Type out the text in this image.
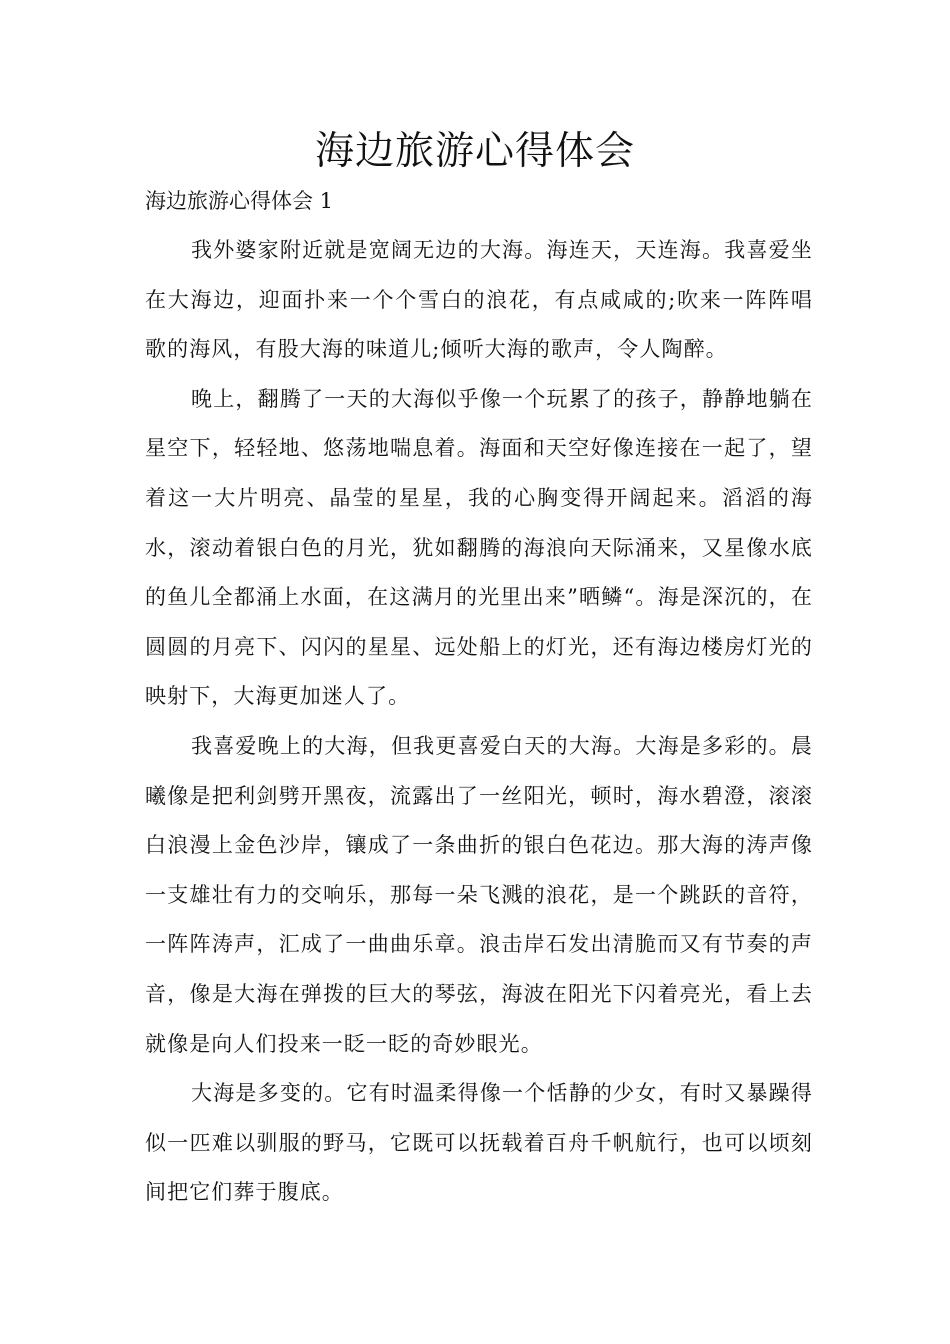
海边旅游心得体会

海边旅游心得体会 1

我外婆家附近就是宽阔无边的大海。海连天，天连海。我喜爱坐在大海边，迎面扑来一个个雪白的浪花，有点咸咸的;吹来一阵阵唱歌的海风，有股大海的味道儿;倾听大海的歌声，令人陶醉。

晚上，翻腾了一天的大海似乎像一个玩累了的孩子，静静地躺在星空下，轻轻地、悠荡地喘息着。海面和天空好像连接在一起了，望着这一大片明亮、晶莹的星星，我的心胸变得开阔起来。滔滔的海水，滚动着银白色的月光，犹如翻腾的海浪向天际涌来，又星像水底的鱼儿全都涌上水面，在这满月的光里出来”晒鳞“。海是深沉的，在圆圆的月亮下、闪闪的星星、远处船上的灯光，还有海边楼房灯光的映射下，大海更加迷人了。

我喜爱晚上的大海，但我更喜爱白天的大海。大海是多彩的。晨曦像是把利剑劈开黑夜，流露出了一丝阳光，顿时，海水碧澄，滚滚白浪漫上金色沙岸，镶成了一条曲折的银白色花边。那大海的涛声像一支雄壮有力的交响乐，那每一朵飞溅的浪花，是一个跳跃的音符，一阵阵涛声，汇成了一曲曲乐章。浪击岸石发出清脆而又有节奏的声音，像是大海在弹拨的巨大的琴弦，海波在阳光下闪着亮光，看上去就像是向人们投来一眨一眨的奇妙眼光。

大海是多变的。它有时温柔得像一个恬静的少女，有时又暴躁得似一匹难以驯服的野马，它既可以抚载着百舟千帆航行，也可以顷刻间把它们葬于腹底。
